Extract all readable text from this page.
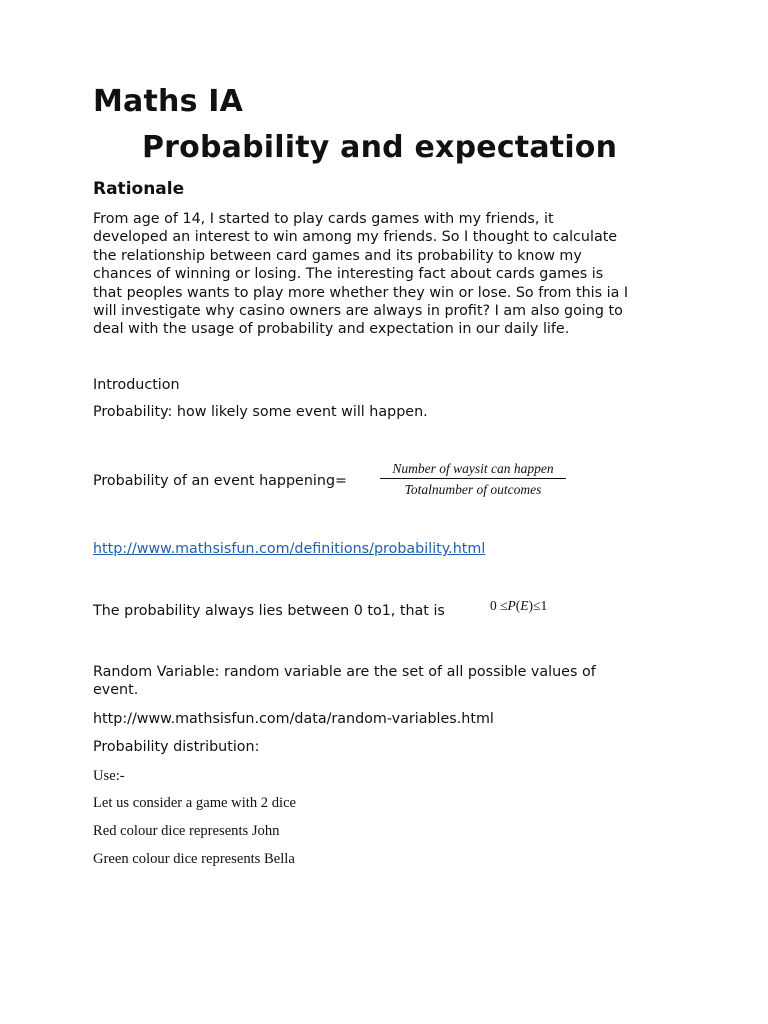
Maths IA
Probability and expectation
Rationale
From age of 14, I started to play cards games with my friends, it
developed an interest to win among my friends. So I thought to calculate
the relationship between card games and its probability to know my
chances of winning or losing. The interesting fact about cards games is
that peoples wants to play more whether they win or lose. So from this ia I
will investigate why casino owners are always in profit? I am also going to
deal with the usage of probability and expectation in our daily life.
Introduction
Probability: how likely some event will happen.
Probability of an event happening=
Number of waysit can happen
Totalnumber of outcomes
http://www.mathsisfun.com/definitions/probability.html
The probability always lies between 0 to1, that is	0 ≤P(E)≤1
Random Variable: random variable are the set of all possible values of
event.
http://www.mathsisfun.com/data/random-variables.html
Probability distribution:
Use:-
Let us consider a game with 2 dice
Red colour dice represents John
Green colour dice represents Bella
